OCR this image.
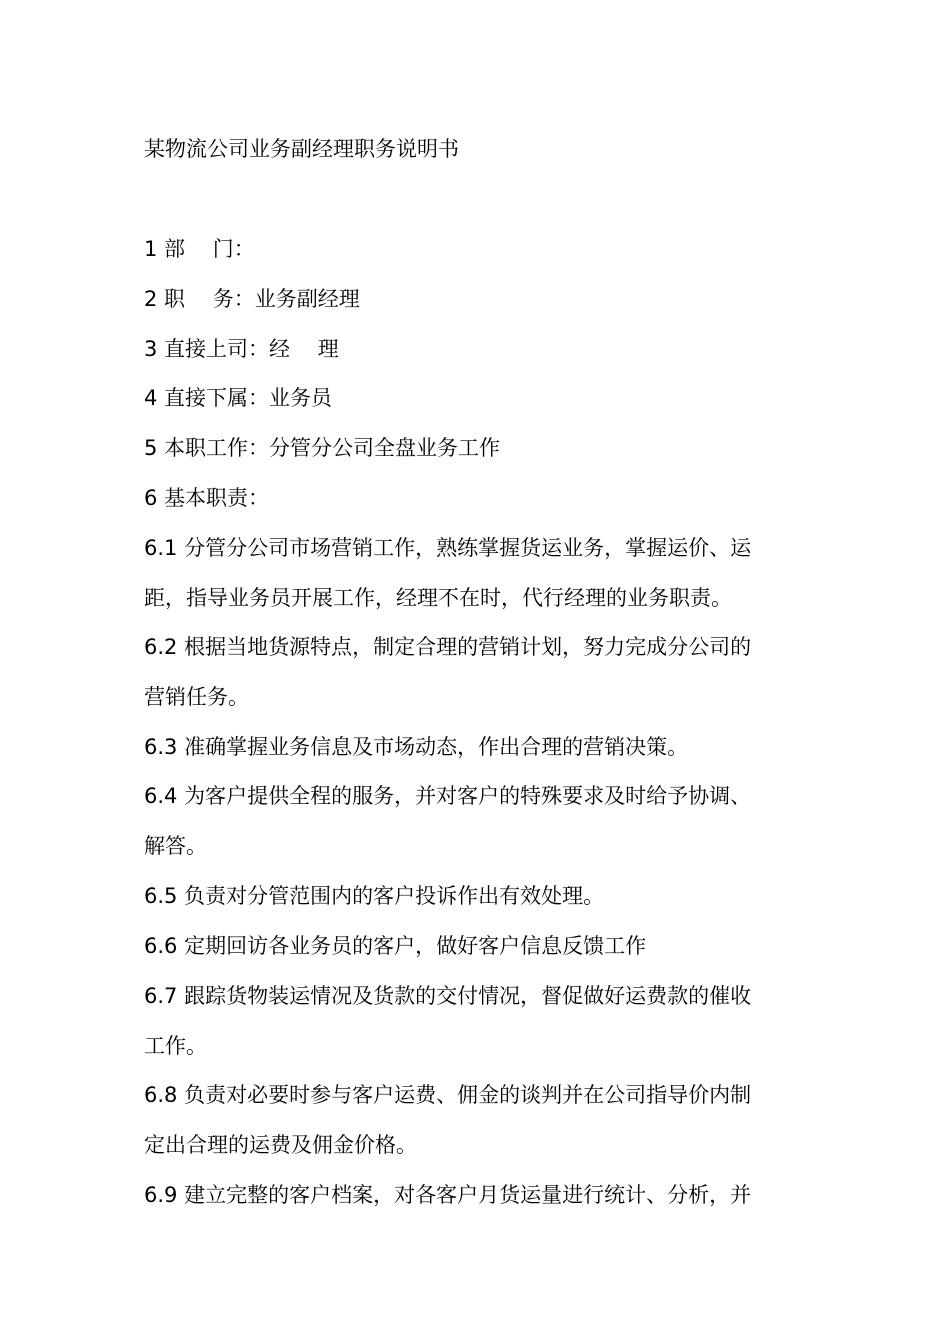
某物流公司业务副经理职务说明书
1 部　 门：
2 职　 务：业务副经理
3 直接上司：经　 理
4 直接下属：业务员
5 本职工作：分管分公司全盘业务工作
6 基本职责：
6.1 分管分公司市场营销工作，熟练掌握货运业务，掌握运价、运
距，指导业务员开展工作，经理不在时，代行经理的业务职责。
6.2 根据当地货源特点，制定合理的营销计划，努力完成分公司的
营销任务。
6.3 准确掌握业务信息及市场动态，作出合理的营销决策。
6.4 为客户提供全程的服务，并对客户的特殊要求及时给予协调、
解答。
6.5 负责对分管范围内的客户投诉作出有效处理。
6.6 定期回访各业务员的客户，做好客户信息反馈工作
6.7 跟踪货物装运情况及货款的交付情况，督促做好运费款的催收
工作。
6.8 负责对必要时参与客户运费、佣金的谈判并在公司指导价内制
定出合理的运费及佣金价格。
6.9 建立完整的客户档案，对各客户月货运量进行统计、分析，并
